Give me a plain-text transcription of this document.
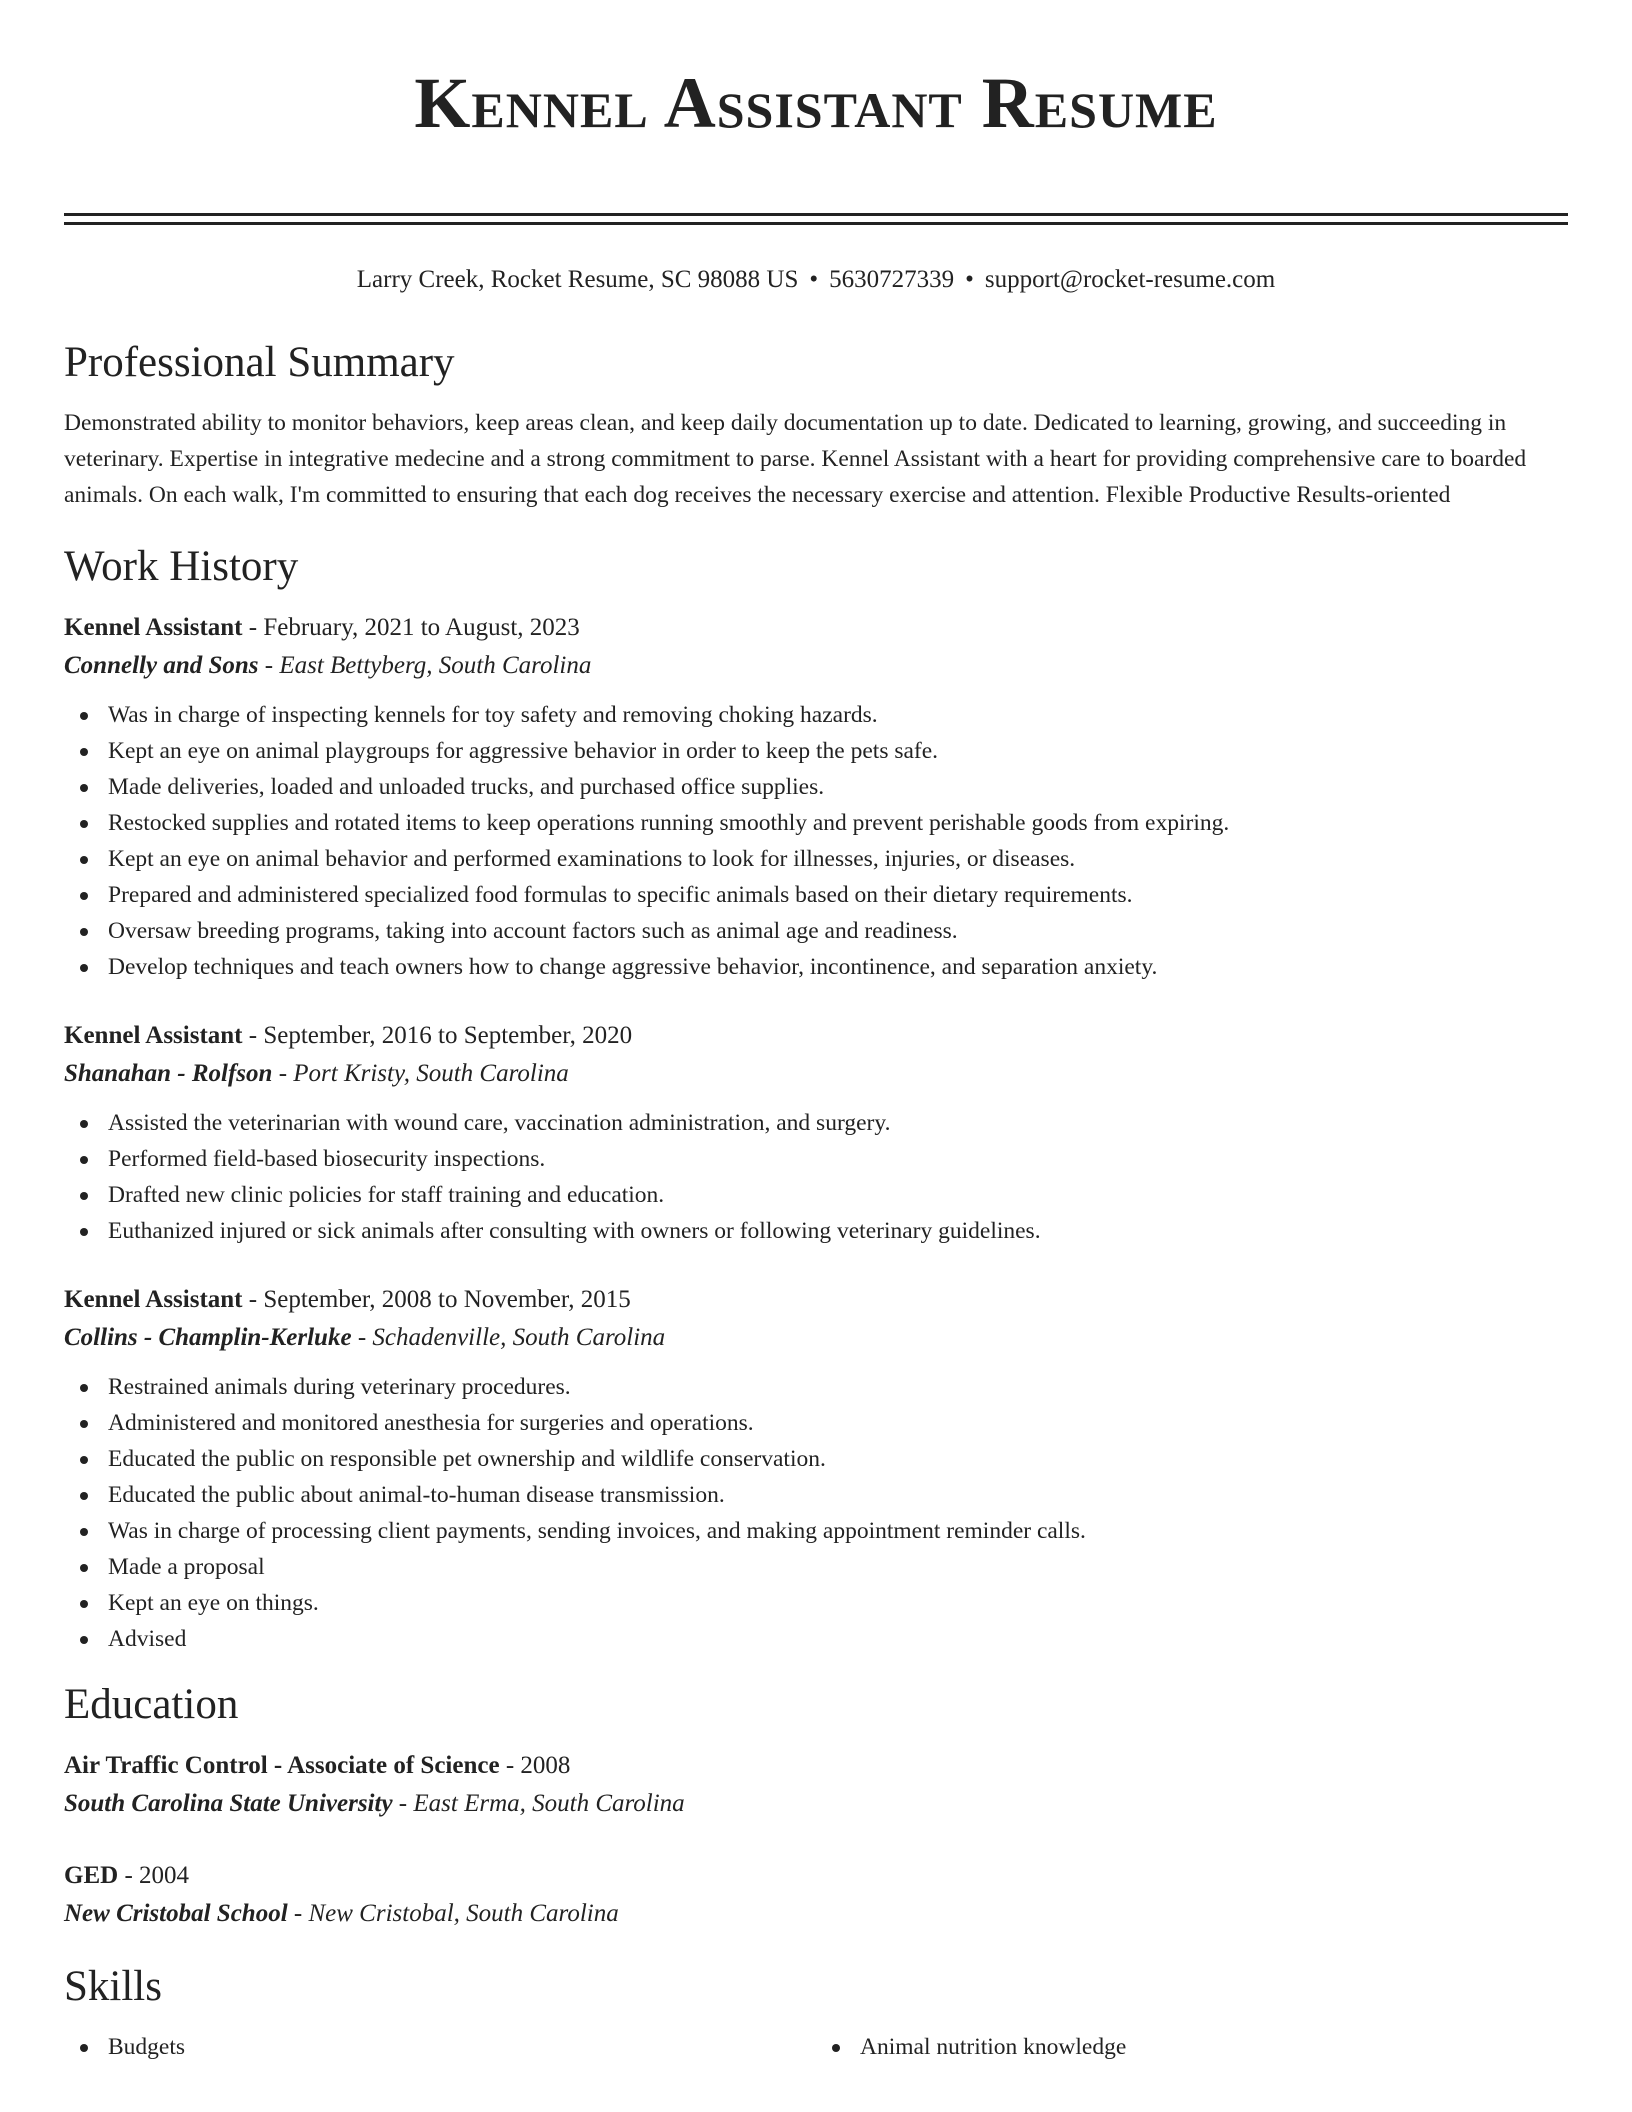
Kennel Assistant Resume
Larry Creek, Rocket Resume, SC 98088 US • 5630727339 • support@rocket-resume.com
Professional Summary

Demonstrated ability to monitor behaviors, keep areas clean, and keep daily documentation up to date. Dedicated to learning, growing, and succeeding in veterinary. Expertise in integrative medecine and a strong commitment to parse. Kennel Assistant with a heart for providing comprehensive care to boarded animals. On each walk, I'm committed to ensuring that each dog receives the necessary exercise and attention. Flexible Productive Results-oriented

Work History

Kennel Assistant - February, 2021 to August, 2023

Connelly and Sons - East Bettyberg, South Carolina

Was in charge of inspecting kennels for toy safety and removing choking hazards.
Kept an eye on animal playgroups for aggressive behavior in order to keep the pets safe.
Made deliveries, loaded and unloaded trucks, and purchased office supplies.
Restocked supplies and rotated items to keep operations running smoothly and prevent perishable goods from expiring.
Kept an eye on animal behavior and performed examinations to look for illnesses, injuries, or diseases.
Prepared and administered specialized food formulas to specific animals based on their dietary requirements.
Oversaw breeding programs, taking into account factors such as animal age and readiness.
Develop techniques and teach owners how to change aggressive behavior, incontinence, and separation anxiety.

Kennel Assistant - September, 2016 to September, 2020

Shanahan - Rolfson - Port Kristy, South Carolina

Assisted the veterinarian with wound care, vaccination administration, and surgery.
Performed field-based biosecurity inspections.
Drafted new clinic policies for staff training and education.
Euthanized injured or sick animals after consulting with owners or following veterinary guidelines.

Kennel Assistant - September, 2008 to November, 2015

Collins - Champlin-Kerluke - Schadenville, South Carolina

Restrained animals during veterinary procedures.
Administered and monitored anesthesia for surgeries and operations.
Educated the public on responsible pet ownership and wildlife conservation.
Educated the public about animal-to-human disease transmission.
Was in charge of processing client payments, sending invoices, and making appointment reminder calls.
Made a proposal
Kept an eye on things.
Advised
Education

Air Traffic Control - Associate of Science - 2008

South Carolina State University - East Erma, South Carolina

GED - 2004

New Cristobal School - New Cristobal, South Carolina

Skills
Budgets	Animal nutrition knowledge
